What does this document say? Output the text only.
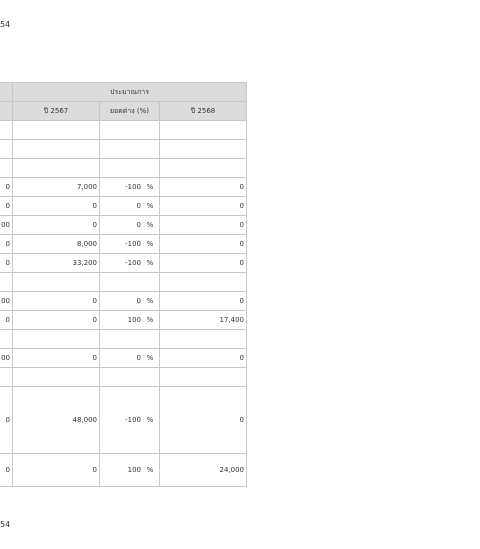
54
	ประมาณการ		
	ปี 2567	ยอดต่าง (%)	ปี 2568

0	7,000	-100 %	0
0	0	0 %	0
00	0	0 %	0
0	8,000	-100 %	0
0	33,200	-100 %	0

00	0	0 %	0
0	0	100 %	17,400

00	0	0 %	0

0	48,000	-100 %	0
0	0	100 %	24,000
54
